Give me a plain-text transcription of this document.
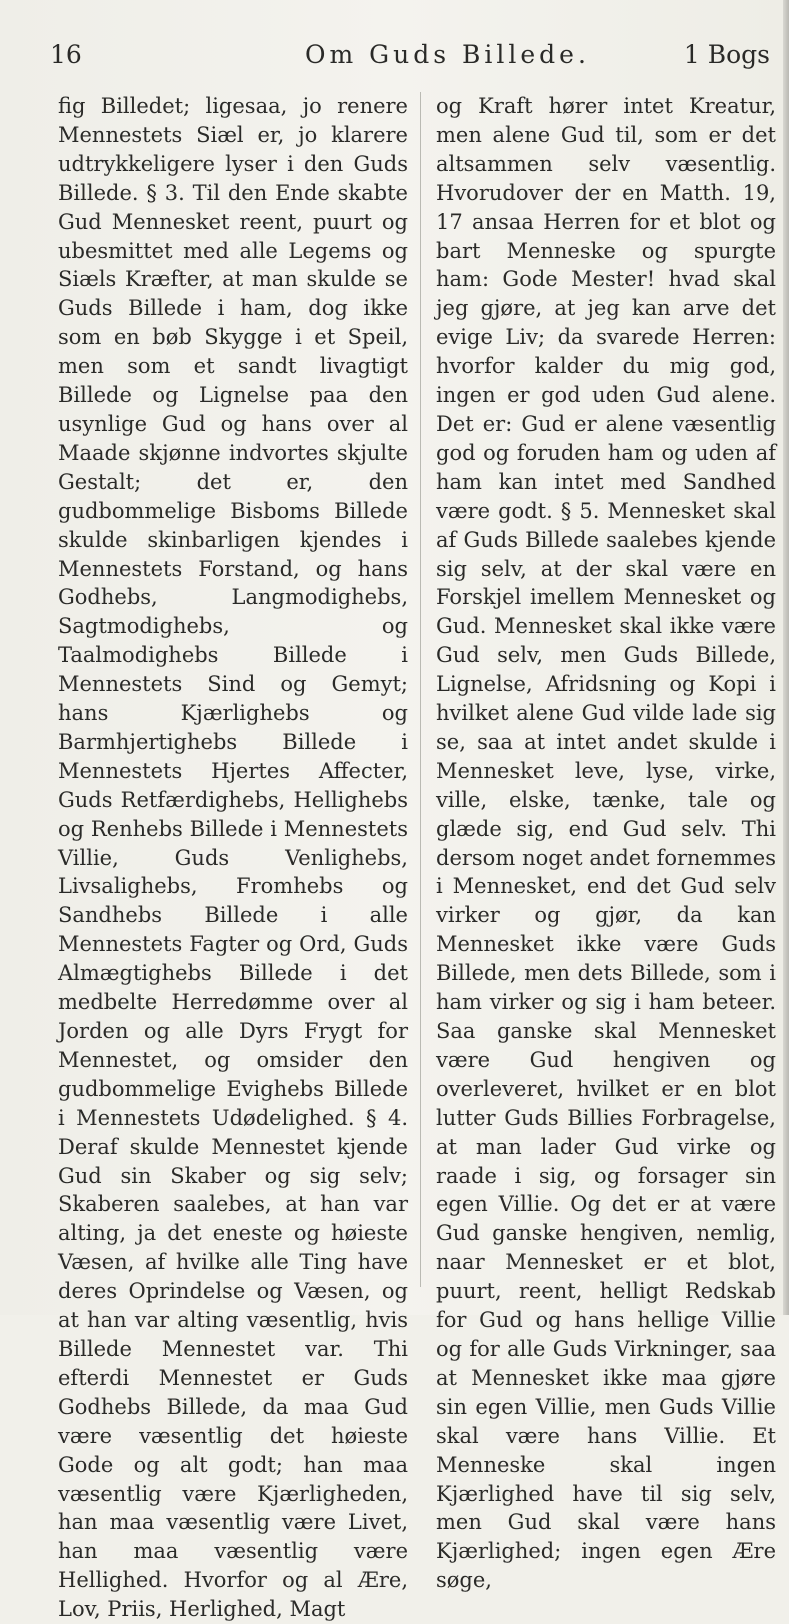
16	Om Guds Billede.	1 Bogs

fig Billedet; ligesaa, jo renere Mennestets Siæl er, jo klarere udtrykkeligere lyser i den Guds Billede. § 3. Til den Ende skabte Gud Mennesket reent, puurt og ubesmittet med alle Legems og Siæls Kræfter, at man skulde se Guds Billede i ham, dog ikke som en bøb Skygge i et Speil, men som et sandt livagtigt Billede og Lignelse paa den usynlige Gud og hans over al Maade skjønne indvortes skjulte Gestalt; det er, den gudbommelige Bisboms Billede skulde skinbarligen kjendes i Mennestets Forstand, og hans Godhebs, Langmodighebs, Sagtmodighebs, og Taalmodighebs Billede i Mennestets Sind og Gemyt; hans Kjærlighebs og Barmhjertighebs Billede i Mennestets Hjertes Affecter, Guds Retfærdighebs, Hellighebs og Renhebs Billede i Mennestets Villie, Guds Venlighebs, Livsalighebs, Fromhebs og Sandhebs Billede i alle Mennestets Fagter og Ord, Guds Almægtighebs Billede i det medbelte Herredømme over al Jorden og alle Dyrs Frygt for Mennestet, og omsider den gudbommelige Evighebs Billede i Mennestets Udødelighed. § 4. Deraf skulde Mennestet kjende Gud sin Skaber og sig selv; Skaberen saalebes, at han var alting, ja det eneste og høieste Væsen, af hvilke alle Ting have deres Oprindelse og Væsen, og at han var alting væsentlig, hvis Billede Mennestet var. Thi efterdi Mennestet er Guds Godhebs Billede, da maa Gud være væsentlig det høieste Gode og alt godt; han maa væsentlig være Kjærligheden, han maa væsentlig være Livet, han maa væsentlig være Hellighed. Hvorfor og al Ære, Lov, Priis, Herlighed, Magt

og Kraft hører intet Kreatur, men alene Gud til, som er det altsammen selv væsentlig. Hvorudover der en Matth. 19, 17 ansaa Herren for et blot og bart Menneske og spurgte ham: Gode Mester! hvad skal jeg gjøre, at jeg kan arve det evige Liv; da svarede Herren: hvorfor kalder du mig god, ingen er god uden Gud alene. Det er: Gud er alene væsentlig god og foruden ham og uden af ham kan intet med Sandhed være godt. § 5. Mennesket skal af Guds Billede saalebes kjende sig selv, at der skal være en Forskjel imellem Mennesket og Gud. Mennesket skal ikke være Gud selv, men Guds Billede, Lignelse, Afridsning og Kopi i hvilket alene Gud vilde lade sig se, saa at intet andet skulde i Mennesket leve, lyse, virke, ville, elske, tænke, tale og glæde sig, end Gud selv. Thi dersom noget andet fornemmes i Mennesket, end det Gud selv virker og gjør, da kan Mennesket ikke være Guds Billede, men dets Billede, som i ham virker og sig i ham beteer. Saa ganske skal Mennesket være Gud hengiven og overleveret, hvilket er en blot lutter Guds Billies Forbragelse, at man lader Gud virke og raade i sig, og forsager sin egen Villie. Og det er at være Gud ganske hengiven, nemlig, naar Mennesket er et blot, puurt, reent, helligt Redskab for Gud og hans hellige Villie og for alle Guds Virkninger, saa at Mennesket ikke maa gjøre sin egen Villie, men Guds Villie skal være hans Villie. Et Menneske skal ingen Kjærlighed have til sig selv, men Gud skal være hans Kjærlighed; ingen egen Ære søge,
